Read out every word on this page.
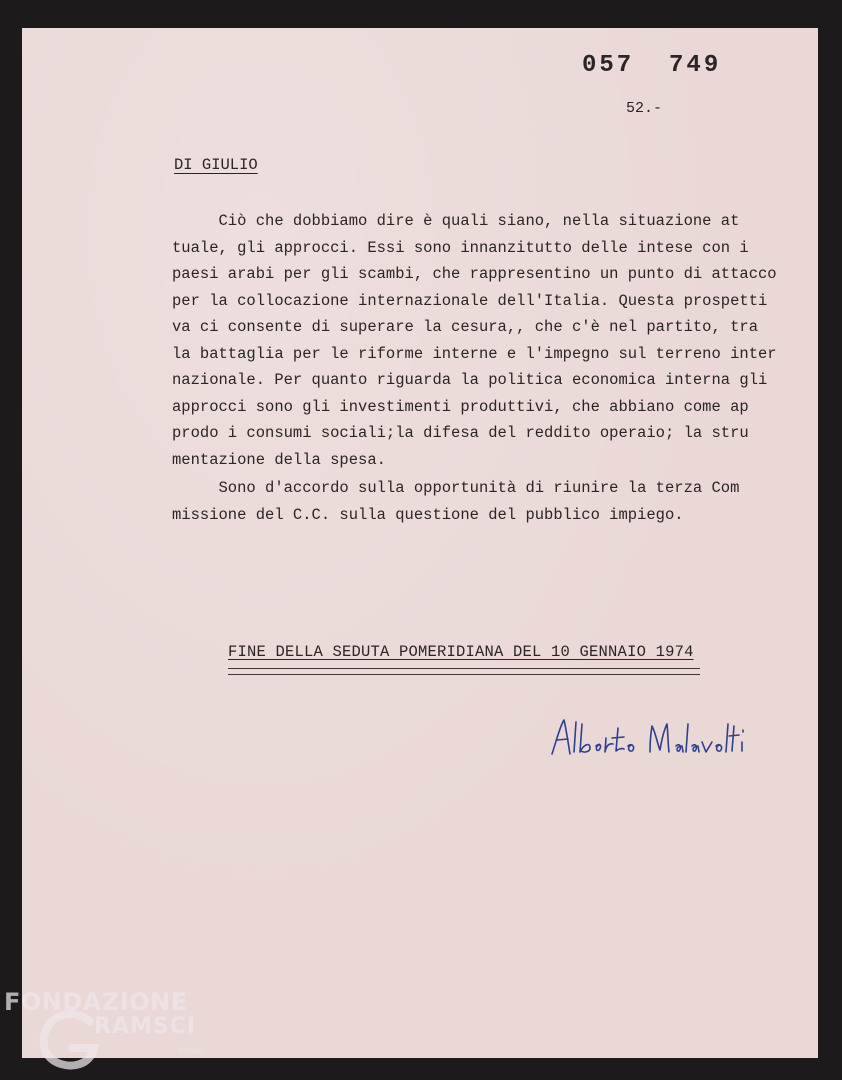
057  749
52.-
DI GIULIO
Ciò che dobbiamo dire è quali siano, nella situazione at
tuale, gli approcci. Essi sono innanzitutto delle intese con i
paesi arabi per gli scambi, che rappresentino un punto di attacco
per la collocazione internazionale dell'Italia. Questa prospetti
va ci consente di superare la cesura,, che c'è nel partito, tra
la battaglia per le riforme interne e l'impegno sul terreno inter
nazionale. Per quanto riguarda la politica economica interna gli
approcci sono gli investimenti produttivi, che abbiano come ap
prodo i consumi sociali;la difesa del reddito operaio; la stru
mentazione della spesa.
Sono d'accordo sulla opportunità di riunire la terza Com
missione del C.C. sulla questione del pubblico impiego.
FINE DELLA SEDUTA POMERIDIANA DEL 10 GENNAIO 1974
FONDAZIONE
RAMSCI
onlus
